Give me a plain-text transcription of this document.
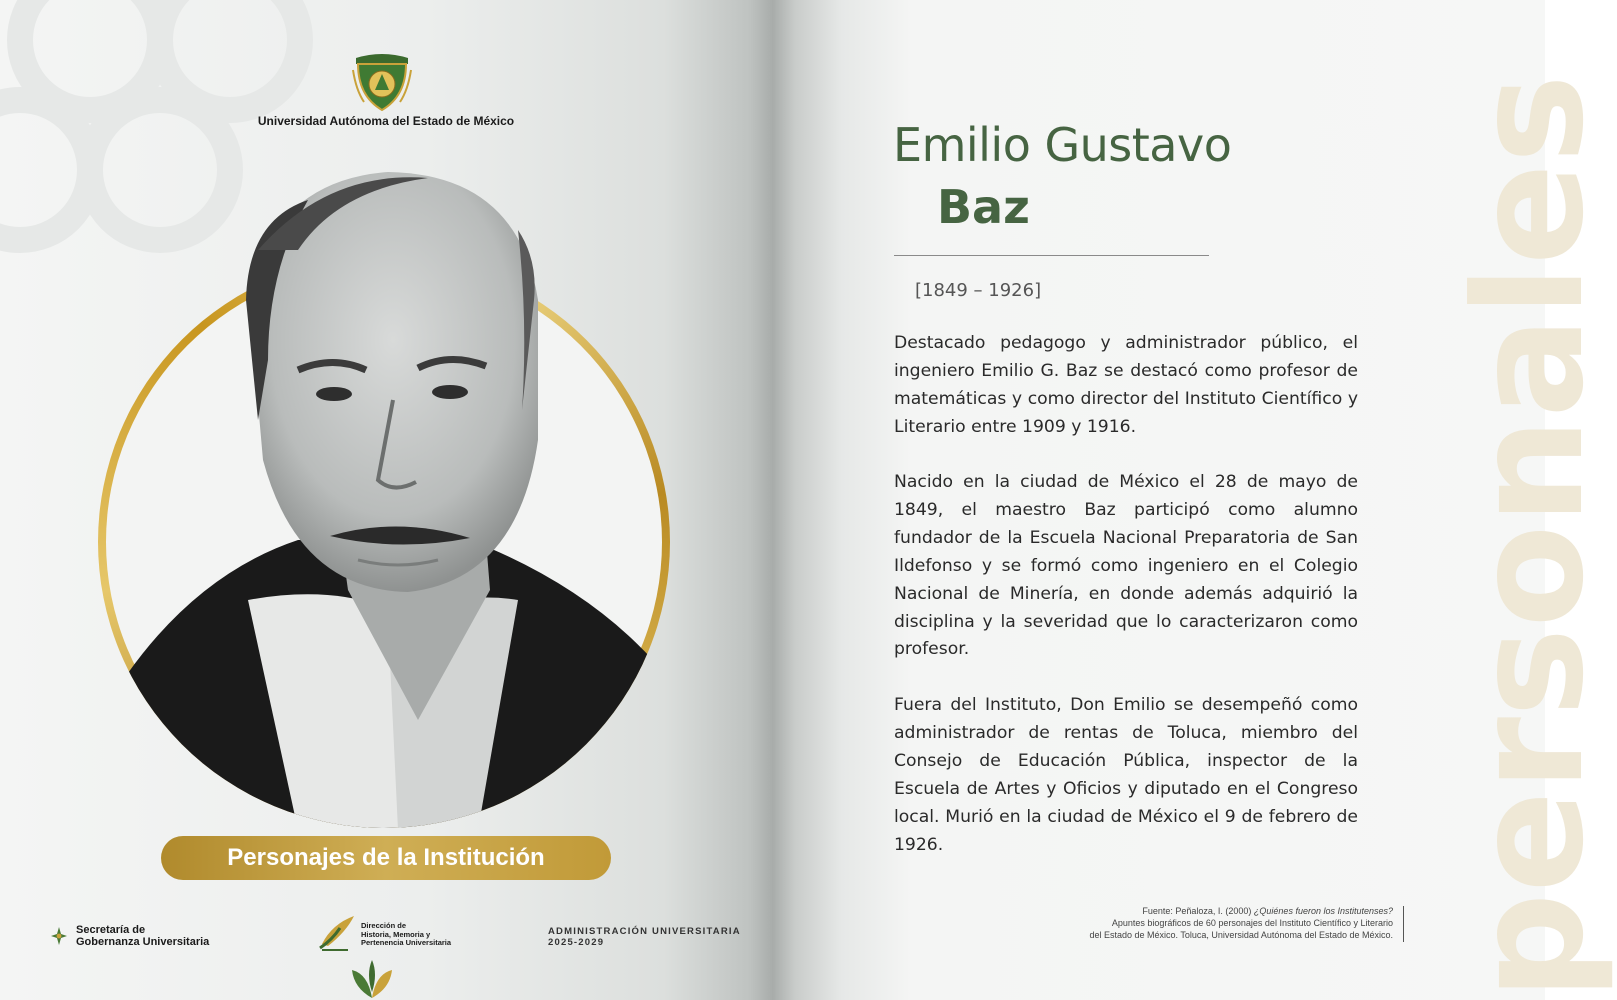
Universidad Autónoma del Estado de México
Personajes de la Institución
Secretaría de
Gobernanza Universitaria
Dirección de
Historia, Memoria y
Pertenencia Universitaria
ADMINISTRACIÓN UNIVERSITARIA
2025-2029	personales
Emilio Gustavo
Baz
[1849 – 1926]

Destacado pedagogo y administrador público, el ingeniero Emilio G. Baz se destacó como profesor de matemáticas y como director del Instituto Científico y Literario entre 1909 y 1916.

Nacido en la ciudad de México el 28 de mayo de 1849, el maestro Baz participó como alumno fundador de la Escuela Nacional Preparatoria de San Ildefonso y se formó como ingeniero en el Colegio Nacional de Minería, en donde además adquirió la disciplina y la severidad que lo caracterizaron como profesor.

Fuera del Instituto, Don Emilio se desempeñó como administrador de rentas de Toluca, miembro del Consejo de Educación Pública, inspector de la Escuela de Artes y Oficios y diputado en el Congreso local. Murió en la ciudad de México el 9 de febrero de 1926.

Fuente: Peñaloza, I. (2000) ¿Quiénes fueron los Institutenses?
Apuntes biográficos de 60 personajes del Instituto Científico y Literario
del Estado de México. Toluca, Universidad Autónoma del Estado de México.
